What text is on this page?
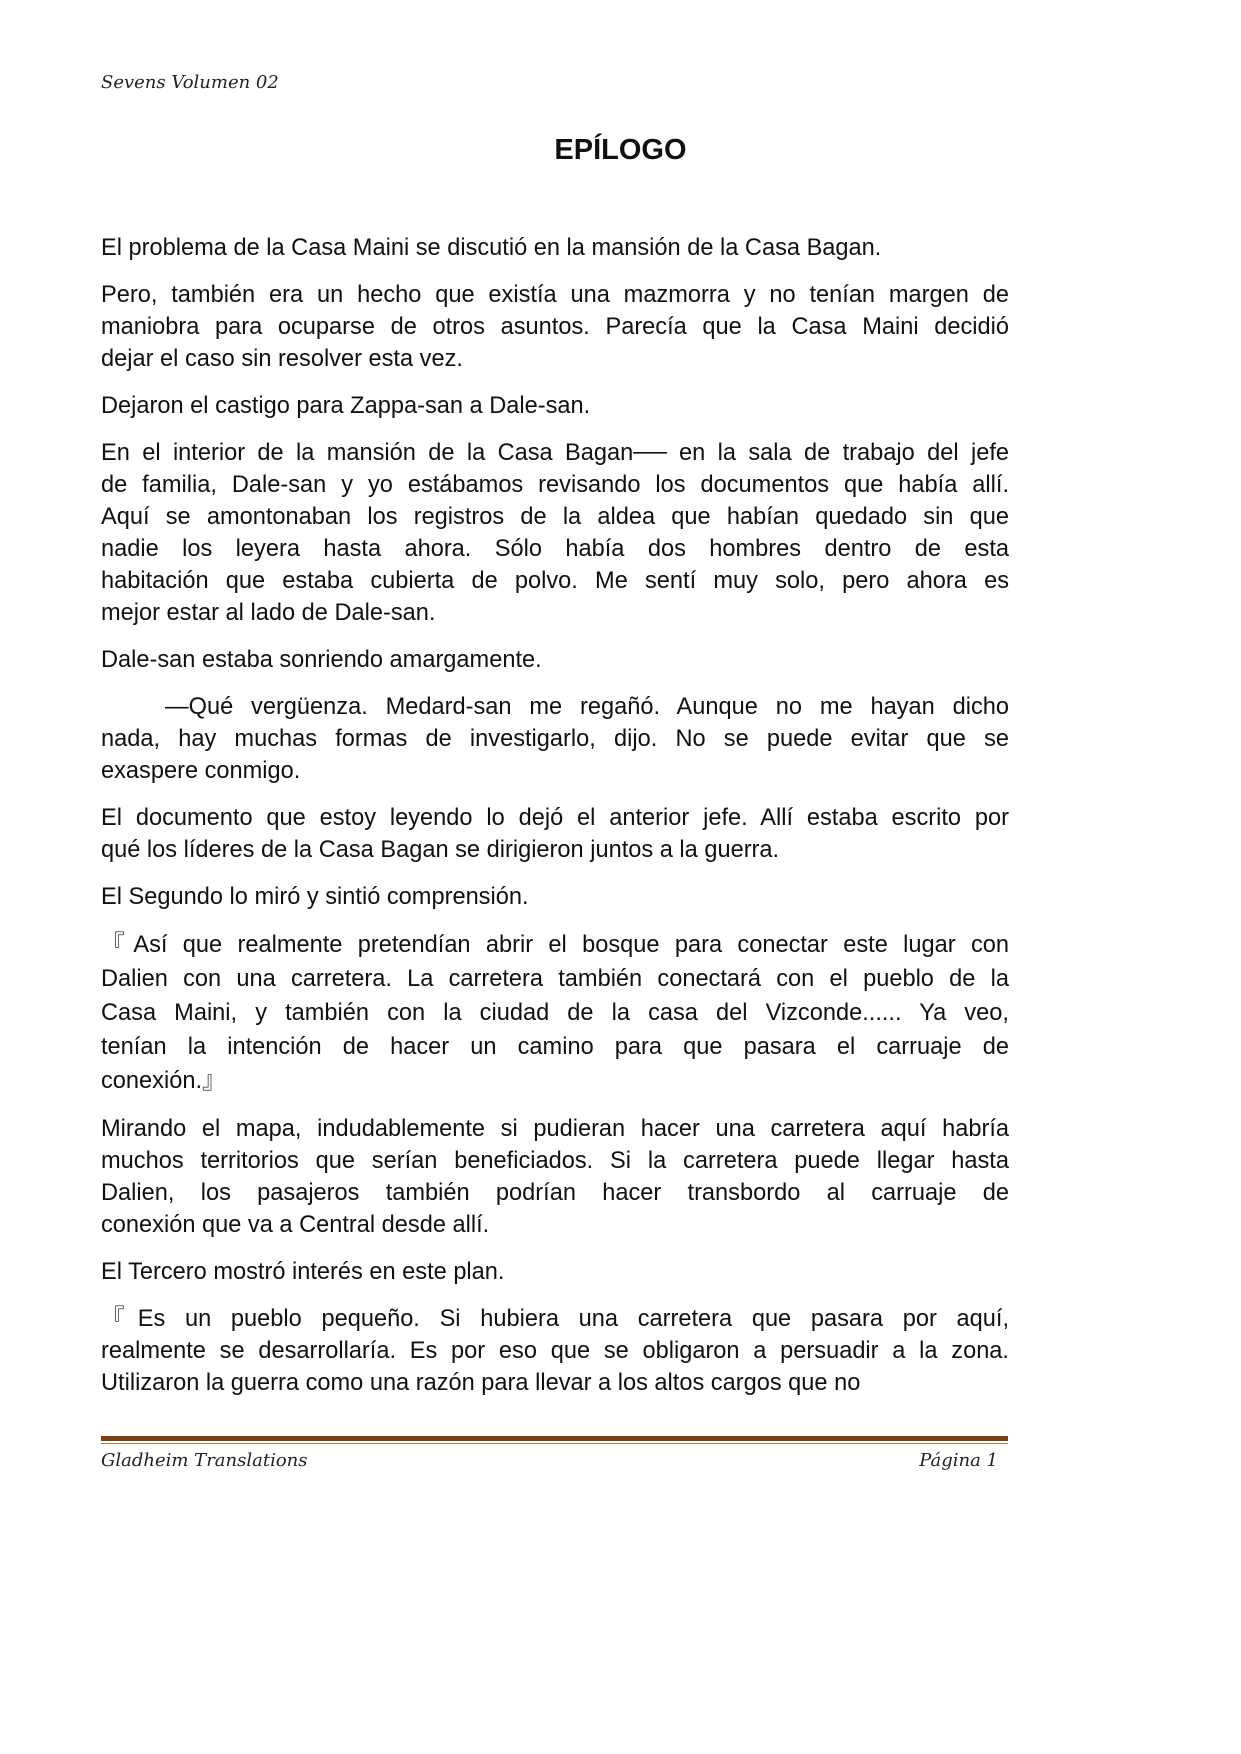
Sevens Volumen 02
EPÍLOGO
El problema de la Casa Maini se discutió en la mansión de la Casa Bagan.
Pero, también era un hecho que existía una mazmorra y no tenían margen de
maniobra para ocuparse de otros asuntos. Parecía que la Casa Maini decidió
dejar el caso sin resolver esta vez.
Dejaron el castigo para Zappa-san a Dale-san.
En el interior de la mansión de la Casa Bagan── en la sala de trabajo del jefe
de familia, Dale-san y yo estábamos revisando los documentos que había allí.
Aquí se amontonaban los registros de la aldea que habían quedado sin que
nadie los leyera hasta ahora. Sólo había dos hombres dentro de esta
habitación que estaba cubierta de polvo. Me sentí muy solo, pero ahora es
mejor estar al lado de Dale-san.
Dale-san estaba sonriendo amargamente.
—Qué vergüenza. Medard-san me regañó. Aunque no me hayan dicho
nada, hay muchas formas de investigarlo, dijo. No se puede evitar que se
exaspere conmigo.
El documento que estoy leyendo lo dejó el anterior jefe. Allí estaba escrito por
qué los líderes de la Casa Bagan se dirigieron juntos a la guerra.
El Segundo lo miró y sintió comprensión.
『Así que realmente pretendían abrir el bosque para conectar este lugar con
Dalien con una carretera. La carretera también conectará con el pueblo de la
Casa Maini, y también con la ciudad de la casa del Vizconde...... Ya veo,
tenían la intención de hacer un camino para que pasara el carruaje de
conexión.』
Mirando el mapa, indudablemente si pudieran hacer una carretera aquí habría
muchos territorios que serían beneficiados. Si la carretera puede llegar hasta
Dalien, los pasajeros también podrían hacer transbordo al carruaje de
conexión que va a Central desde allí.
El Tercero mostró interés en este plan.
『Es un pueblo pequeño. Si hubiera una carretera que pasara por aquí,
realmente se desarrollaría. Es por eso que se obligaron a persuadir a la zona.
Utilizaron la guerra como una razón para llevar a los altos cargos que no
Gladheim Translations	Página 1
